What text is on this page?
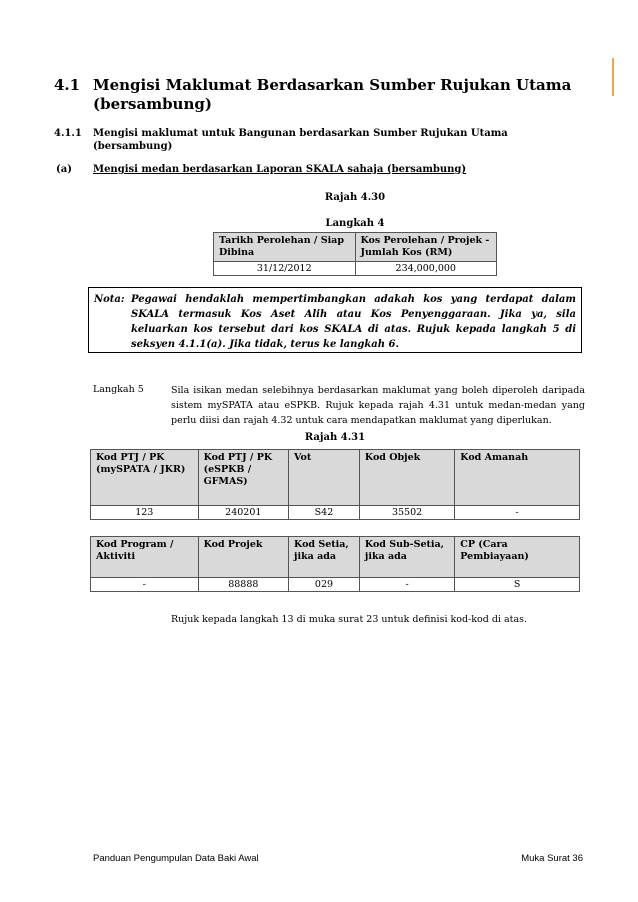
4.1 Mengisi Maklumat Berdasarkan Sumber Rujukan Utama (bersambung)
4.1.1 Mengisi maklumat untuk Bangunan berdasarkan Sumber Rujukan Utama (bersambung)
(a) Mengisi medan berdasarkan Laporan SKALA sahaja (bersambung)
Rajah 4.30
Langkah 4	
Tarikh Perolehan / Siap Dibina	Kos Perolehan / Projek - Jumlah Kos (RM)
31/12/2012	234,000,000
Nota: Pegawai hendaklah mempertimbangkan adakah kos yang terdapat dalam SKALA termasuk Kos Aset Alih atau Kos Penyenggaraan. Jika ya, sila keluarkan kos tersebut dari kos SKALA di atas. Rujuk kepada langkah 5 di seksyen 4.1.1(a). Jika tidak, terus ke langkah 6.
Langkah 5	Sila isikan medan selebihnya berdasarkan maklumat yang boleh diperoleh daripada sistem mySPATA atau eSPKB. Rujuk kepada rajah 4.31 untuk medan-medan yang perlu diisi dan rajah 4.32 untuk cara mendapatkan maklumat yang diperlukan.
Rajah 4.31
Kod PTJ / PK (mySPATA / JKR)	Kod PTJ / PK (eSPKB / GFMAS)	Vot	Kod Objek	Kod Amanah
123	240201	S42	35502	-
Kod Program / Aktiviti	Kod Projek	Kod Setia, jika ada	Kod Sub-Setia, jika ada	CP (Cara Pembiayaan)
-	88888	029	-	S
Rujuk kepada langkah 13 di muka surat 23 untuk definisi kod-kod di atas.
Panduan Pengumpulan Data Baki Awal	Muka Surat 36
